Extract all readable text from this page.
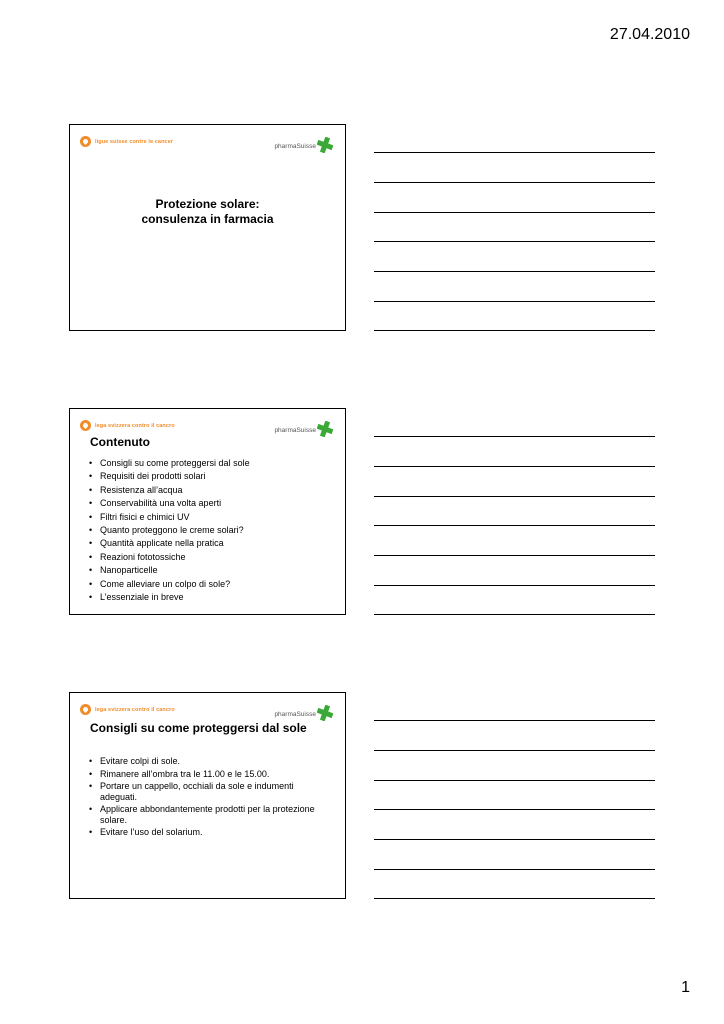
27.04.2010
ligue suisse contre le cancer
pharmaSuisse
Protezione solare:
consulenza in farmacia
lega svizzera contro il cancro
pharmaSuisse
Contenuto
• Consigli su come proteggersi dal sole
• Requisiti dei prodotti solari
• Resistenza all’acqua
• Conservabilità una volta aperti
• Filtri fisici e chimici UV
• Quanto proteggono le creme solari?
• Quantità applicate nella pratica
• Reazioni fototossiche
• Nanoparticelle
• Come alleviare un colpo di sole?
• L’essenziale in breve
lega svizzera contro il cancro
pharmaSuisse
Consigli su come proteggersi dal sole
• Evitare colpi di sole.
• Rimanere all’ombra tra le 11.00 e le 15.00.
• Portare un cappello, occhiali da sole e indumenti adeguati.
• Applicare abbondantemente prodotti per la protezione solare.
• Evitare l’uso del solarium.
1
